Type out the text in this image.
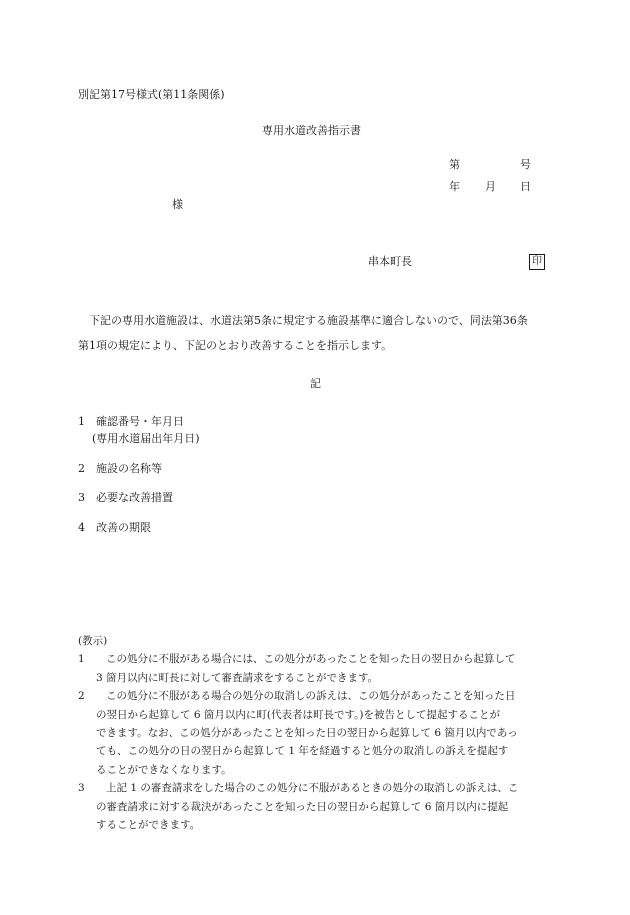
別記第17号様式(第11条関係)
専用水道改善指示書
第	号
年 月 日
様
串本町長	印
下記の専用水道施設は、水道法第5条に規定する施設基準に適合しないので、同法第36条
第1項の規定により、下記のとおり改善することを指示します。
記
1 確認番号・年月日
(専用水道届出年月日)
2 施設の名称等
3 必要な改善措置
4 改善の期限
(教示)
1	この処分に不服がある場合には、この処分があったことを知った日の翌日から起算して
3 箇月以内に町長に対して審査請求をすることができます。
2	この処分に不服がある場合の処分の取消しの訴えは、この処分があったことを知った日
の翌日から起算して 6 箇月以内に町(代表者は町長です。)を被告として提起することが
できます。なお、この処分があったことを知った日の翌日から起算して 6 箇月以内であっ
ても、この処分の日の翌日から起算して 1 年を経過すると処分の取消しの訴えを提起す
ることができなくなります。
3	上記 1 の審査請求をした場合のこの処分に不服があるときの処分の取消しの訴えは、こ
の審査請求に対する裁決があったことを知った日の翌日から起算して 6 箇月以内に提起
することができます。
